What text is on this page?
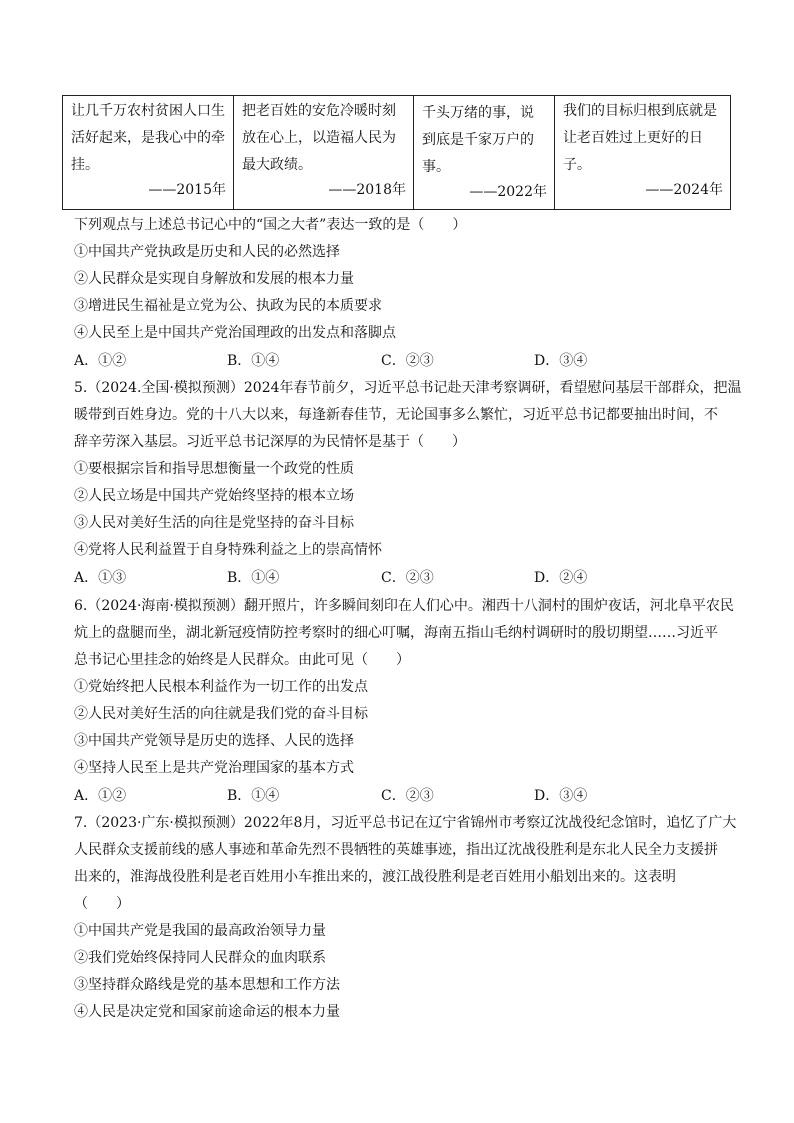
让几千万农村贫困人口生活好起来，是我心中的牵挂。
——2015年

把老百姓的安危冷暖时刻放在心上，以造福人民为最大政绩。
——2018年

千头万绪的事，说到底是千家万户的事。
——2022年

我们的目标归根到底就是让老百姓过上更好的日子。
——2024年
下列观点与上述总书记心中的“国之大者”表达一致的是（　　）
①中国共产党执政是历史和人民的必然选择
②人民群众是实现自身解放和发展的根本力量
③增进民生福祉是立党为公、执政为民的本质要求
④人民至上是中国共产党治国理政的出发点和落脚点
A．①②	B．①④	C．②③	D．③④
5.（2024.全国·模拟预测）2024年春节前夕，习近平总书记赴天津考察调研，看望慰问基层干部群众，把温
暖带到百姓身边。党的十八大以来，每逢新春佳节，无论国事多么繁忙，习近平总书记都要抽出时间，不
辞辛劳深入基层。习近平总书记深厚的为民情怀是基于（　　）
①要根据宗旨和指导思想衡量一个政党的性质
②人民立场是中国共产党始终坚持的根本立场
③人民对美好生活的向往是党坚持的奋斗目标
④党将人民利益置于自身特殊利益之上的崇高情怀
A．①③	B．①④	C．②③	D．②④
6.（2024·海南·模拟预测）翻开照片，许多瞬间刻印在人们心中。湘西十八洞村的围炉夜话，河北阜平农民
炕上的盘腿而坐，湖北新冠疫情防控考察时的细心叮嘱，海南五指山毛纳村调研时的殷切期望……习近平
总书记心里挂念的始终是人民群众。由此可见（　　）
①党始终把人民根本利益作为一切工作的出发点
②人民对美好生活的向往就是我们党的奋斗目标
③中国共产党领导是历史的选择、人民的选择
④坚持人民至上是共产党治理国家的基本方式
A．①②	B．①④	C．②③	D．③④
7.（2023·广东·模拟预测）2022年8月，习近平总书记在辽宁省锦州市考察辽沈战役纪念馆时，追忆了广大
人民群众支援前线的感人事迹和革命先烈不畏牺牲的英雄事迹，指出辽沈战役胜利是东北人民全力支援拼
出来的，淮海战役胜利是老百姓用小车推出来的，渡江战役胜利是老百姓用小船划出来的。这表明
（　　）
①中国共产党是我国的最高政治领导力量
②我们党始终保持同人民群众的血肉联系
③坚持群众路线是党的基本思想和工作方法
④人民是决定党和国家前途命运的根本力量
